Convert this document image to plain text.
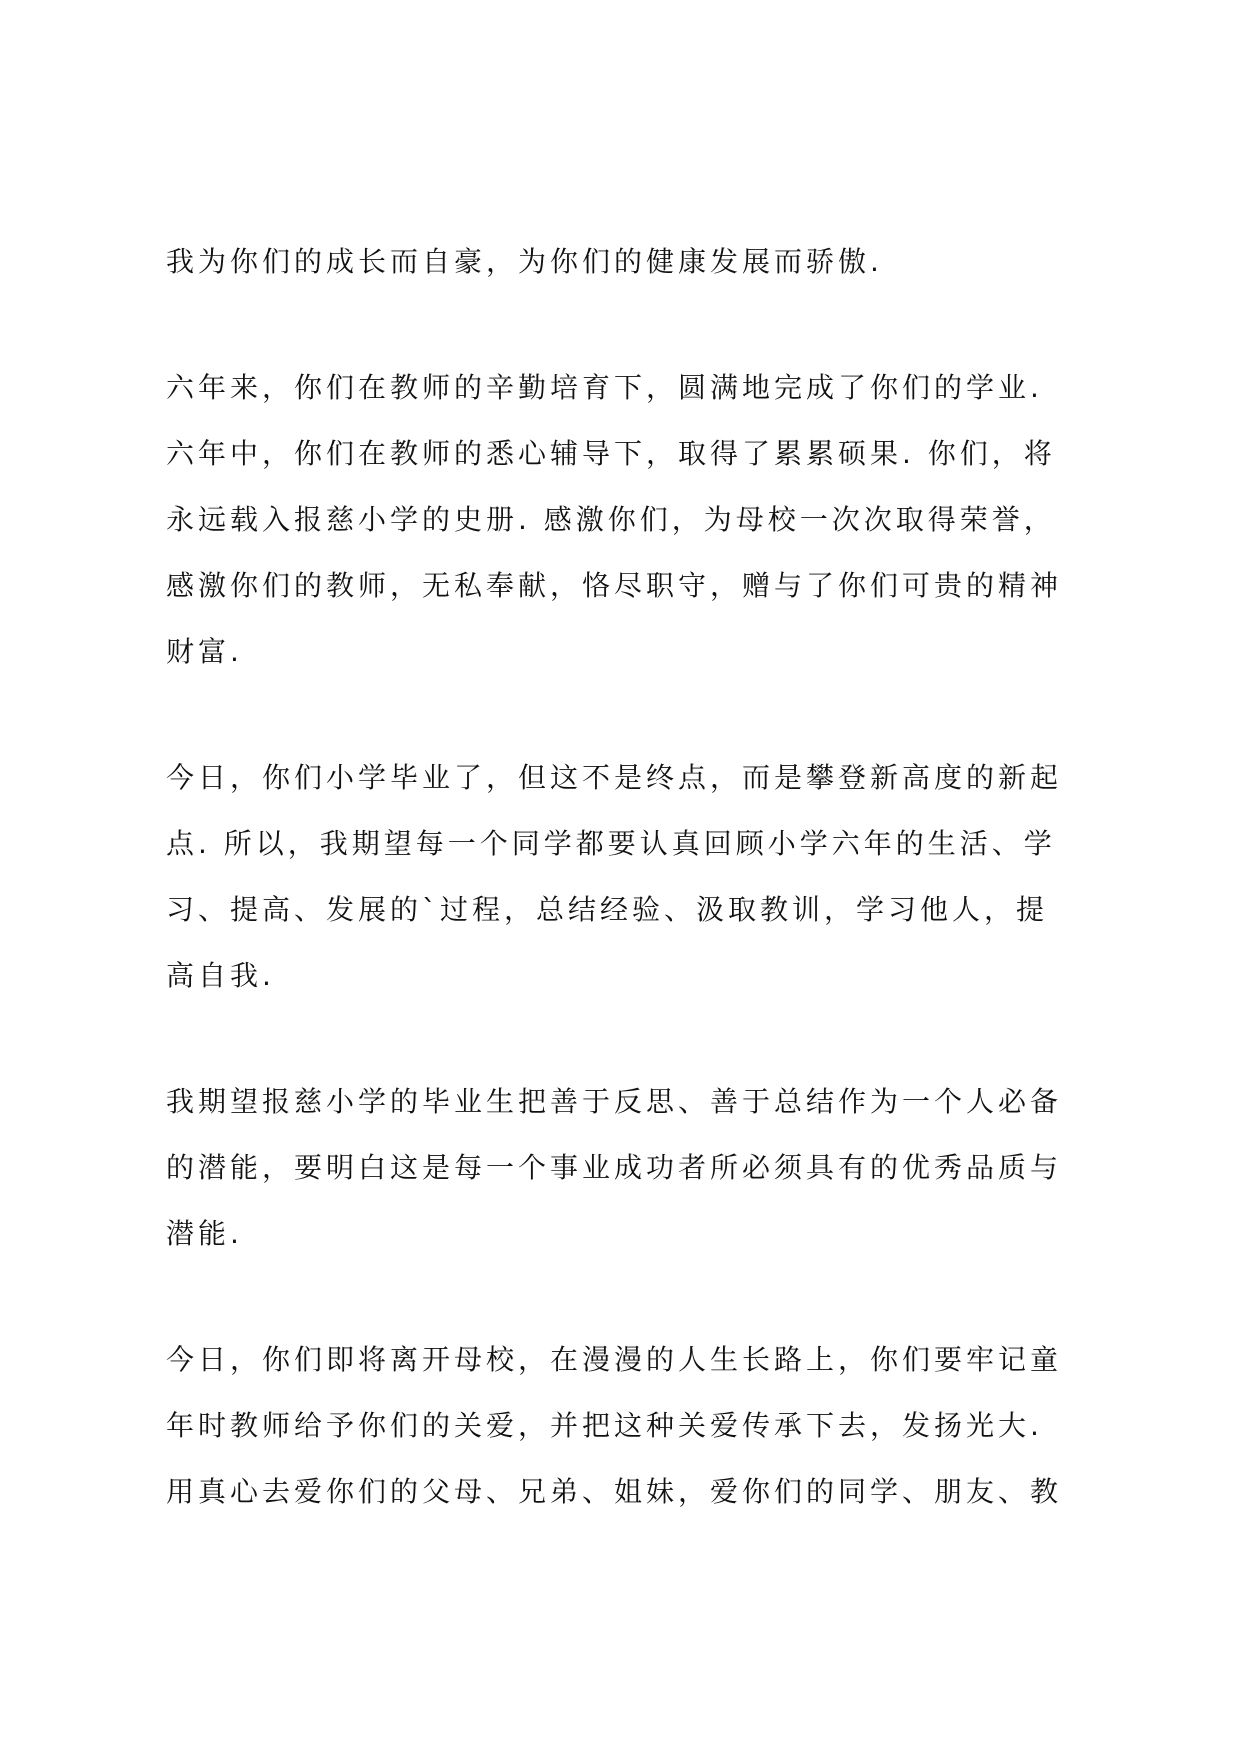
我为你们的成长而自豪，为你们的健康发展而骄傲.
六年来，你们在教师的辛勤培育下，圆满地完成了你们的学业.
六年中，你们在教师的悉心辅导下，取得了累累硕果. 你们，将
永远载入报慈小学的史册. 感激你们，为母校一次次取得荣誉，
感激你们的教师，无私奉献，恪尽职守，赠与了你们可贵的精神
财富.
今日，你们小学毕业了，但这不是终点，而是攀登新高度的新起
点. 所以，我期望每一个同学都要认真回顾小学六年的生活、学
习、提高、发展的`过程，总结经验、汲取教训，学习他人，提
高自我.
我期望报慈小学的毕业生把善于反思、善于总结作为一个人必备
的潜能，要明白这是每一个事业成功者所必须具有的优秀品质与
潜能.
今日，你们即将离开母校，在漫漫的人生长路上，你们要牢记童
年时教师给予你们的关爱，并把这种关爱传承下去，发扬光大.
用真心去爱你们的父母、兄弟、姐妹，爱你们的同学、朋友、教
